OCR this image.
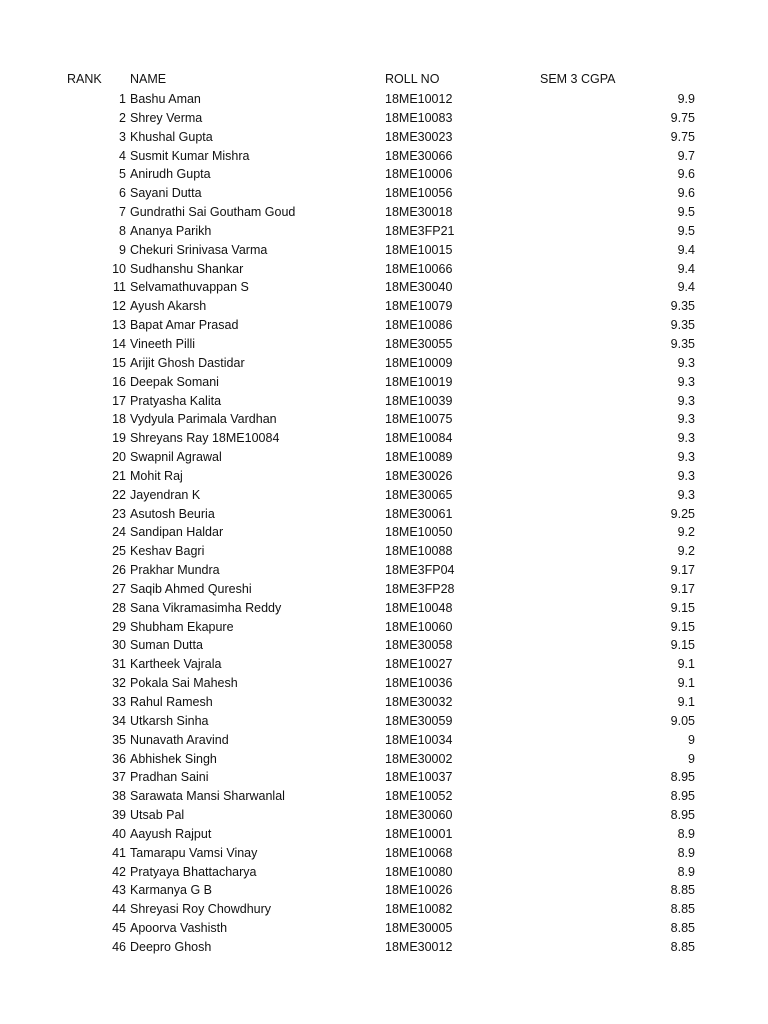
RANK NAME	ROLL NO	SEM 3 CGPA
1 Bashu Aman	18ME10012	9.9
2 Shrey Verma	18ME10083	9.75
3 Khushal Gupta	18ME30023	9.75
4 Susmit Kumar Mishra	18ME30066	9.7
5 Anirudh Gupta	18ME10006	9.6
6 Sayani Dutta	18ME10056	9.6
7 Gundrathi Sai Goutham Goud	18ME30018	9.5
8 Ananya Parikh	18ME3FP21	9.5
9 Chekuri Srinivasa Varma	18ME10015	9.4
10 Sudhanshu Shankar	18ME10066	9.4
11 Selvamathuvappan S	18ME30040	9.4
12 Ayush Akarsh	18ME10079	9.35
13 Bapat Amar Prasad	18ME10086	9.35
14 Vineeth Pilli	18ME30055	9.35
15 Arijit Ghosh Dastidar	18ME10009	9.3
16 Deepak Somani	18ME10019	9.3
17 Pratyasha Kalita	18ME10039	9.3
18 Vydyula Parimala Vardhan	18ME10075	9.3
19 Shreyans Ray 18ME10084	18ME10084	9.3
20 Swapnil Agrawal	18ME10089	9.3
21 Mohit Raj	18ME30026	9.3
22 Jayendran K	18ME30065	9.3
23 Asutosh Beuria	18ME30061	9.25
24 Sandipan Haldar	18ME10050	9.2
25 Keshav Bagri	18ME10088	9.2
26 Prakhar Mundra	18ME3FP04	9.17
27 Saqib Ahmed Qureshi	18ME3FP28	9.17
28 Sana Vikramasimha Reddy	18ME10048	9.15
29 Shubham Ekapure	18ME10060	9.15
30 Suman Dutta	18ME30058	9.15
31 Kartheek Vajrala	18ME10027	9.1
32 Pokala Sai Mahesh	18ME10036	9.1
33 Rahul Ramesh	18ME30032	9.1
34 Utkarsh Sinha	18ME30059	9.05
35 Nunavath Aravind	18ME10034	9
36 Abhishek Singh	18ME30002	9
37 Pradhan Saini	18ME10037	8.95
38 Sarawata Mansi Sharwanlal	18ME10052	8.95
39 Utsab Pal	18ME30060	8.95
40 Aayush Rajput	18ME10001	8.9
41 Tamarapu Vamsi Vinay	18ME10068	8.9
42 Pratyaya Bhattacharya	18ME10080	8.9
43 Karmanya G B	18ME10026	8.85
44 Shreyasi Roy Chowdhury	18ME10082	8.85
45 Apoorva Vashisth	18ME30005	8.85
46 Deepro Ghosh	18ME30012	8.85
